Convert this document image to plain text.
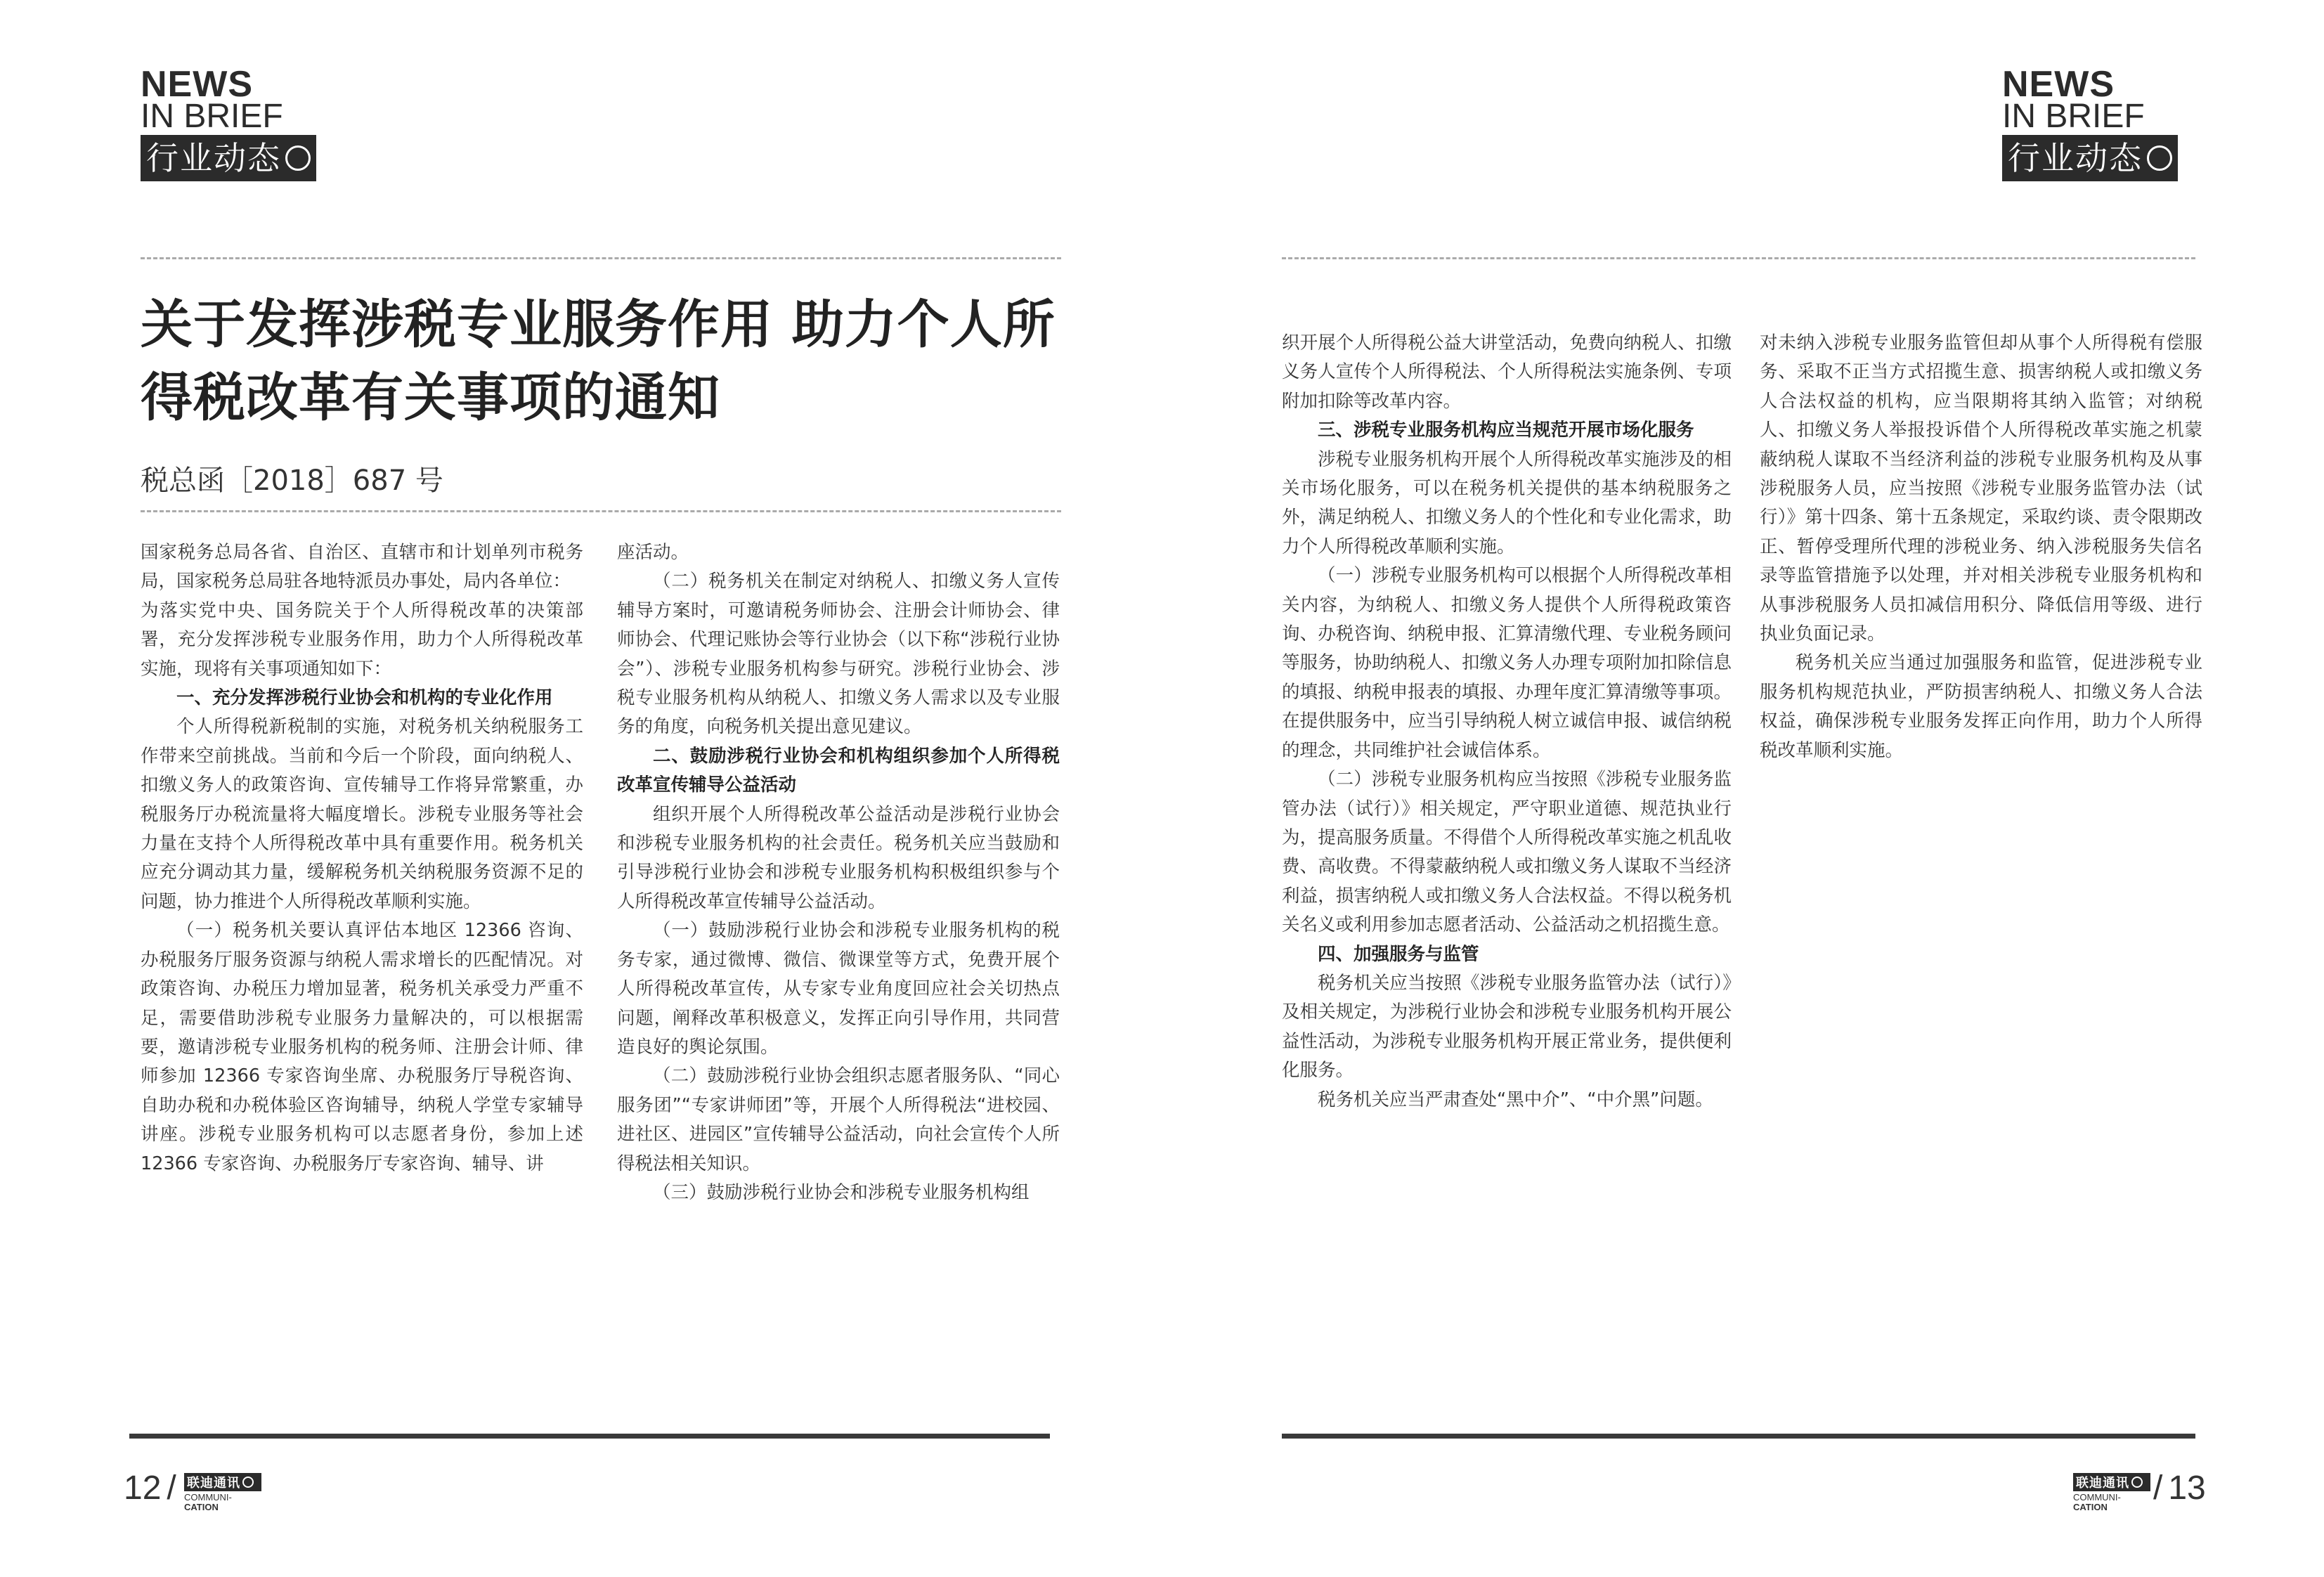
NEWS
IN BRIEF
行业动态
关于发挥涉税专业服务作用 助力个人所得税改革有关事项的通知
税总函［2018］687 号

国家税务总局各省、自治区、直辖市和计划单列市税务局，国家税务总局驻各地特派员办事处，局内各单位：

为落实党中央、国务院关于个人所得税改革的决策部署，充分发挥涉税专业服务作用，助力个人所得税改革实施，现将有关事项通知如下：

一、充分发挥涉税行业协会和机构的专业化作用

个人所得税新税制的实施，对税务机关纳税服务工作带来空前挑战。当前和今后一个阶段，面向纳税人、扣缴义务人的政策咨询、宣传辅导工作将异常繁重，办税服务厅办税流量将大幅度增长。涉税专业服务等社会力量在支持个人所得税改革中具有重要作用。税务机关应充分调动其力量，缓解税务机关纳税服务资源不足的问题，协力推进个人所得税改革顺利实施。

（一）税务机关要认真评估本地区 12366 咨询、办税服务厅服务资源与纳税人需求增长的匹配情况。对政策咨询、办税压力增加显著，税务机关承受力严重不足，需要借助涉税专业服务力量解决的，可以根据需要，邀请涉税专业服务机构的税务师、注册会计师、律师参加 12366 专家咨询坐席、办税服务厅导税咨询、自助办税和办税体验区咨询辅导，纳税人学堂专家辅导讲座。涉税专业服务机构可以志愿者身份，参加上述 12366 专家咨询、办税服务厅专家咨询、辅导、讲

座活动。

（二）税务机关在制定对纳税人、扣缴义务人宣传辅导方案时，可邀请税务师协会、注册会计师协会、律师协会、代理记账协会等行业协会（以下称“涉税行业协会”）、涉税专业服务机构参与研究。涉税行业协会、涉税专业服务机构从纳税人、扣缴义务人需求以及专业服务的角度，向税务机关提出意见建议。

二、鼓励涉税行业协会和机构组织参加个人所得税改革宣传辅导公益活动

组织开展个人所得税改革公益活动是涉税行业协会和涉税专业服务机构的社会责任。税务机关应当鼓励和引导涉税行业协会和涉税专业服务机构积极组织参与个人所得税改革宣传辅导公益活动。

（一）鼓励涉税行业协会和涉税专业服务机构的税务专家，通过微博、微信、微课堂等方式，免费开展个人所得税改革宣传，从专家专业角度回应社会关切热点问题，阐释改革积极意义，发挥正向引导作用，共同营造良好的舆论氛围。

（二）鼓励涉税行业协会组织志愿者服务队、“同心服务团”“专家讲师团”等，开展个人所得税法“进校园、进社区、进园区”宣传辅导公益活动，向社会宣传个人所得税法相关知识。

（三）鼓励涉税行业协会和涉税专业服务机构组

12 / 联迪通讯
COMMUNI-
CATION
NEWS
IN BRIEF
行业动态

织开展个人所得税公益大讲堂活动，免费向纳税人、扣缴义务人宣传个人所得税法、个人所得税法实施条例、专项附加扣除等改革内容。

三、涉税专业服务机构应当规范开展市场化服务

涉税专业服务机构开展个人所得税改革实施涉及的相关市场化服务，可以在税务机关提供的基本纳税服务之外，满足纳税人、扣缴义务人的个性化和专业化需求，助力个人所得税改革顺利实施。

（一）涉税专业服务机构可以根据个人所得税改革相关内容，为纳税人、扣缴义务人提供个人所得税政策咨询、办税咨询、纳税申报、汇算清缴代理、专业税务顾问等服务，协助纳税人、扣缴义务人办理专项附加扣除信息的填报、纳税申报表的填报、办理年度汇算清缴等事项。在提供服务中，应当引导纳税人树立诚信申报、诚信纳税的理念，共同维护社会诚信体系。

（二）涉税专业服务机构应当按照《涉税专业服务监管办法（试行）》相关规定，严守职业道德、规范执业行为，提高服务质量。不得借个人所得税改革实施之机乱收费、高收费。不得蒙蔽纳税人或扣缴义务人谋取不当经济利益，损害纳税人或扣缴义务人合法权益。不得以税务机关名义或利用参加志愿者活动、公益活动之机招揽生意。

四、加强服务与监管

税务机关应当按照《涉税专业服务监管办法（试行）》及相关规定，为涉税行业协会和涉税专业服务机构开展公益性活动，为涉税专业服务机构开展正常业务，提供便利化服务。

税务机关应当严肃查处“黑中介”、“中介黑”问题。

对未纳入涉税专业服务监管但却从事个人所得税有偿服务、采取不正当方式招揽生意、损害纳税人或扣缴义务人合法权益的机构，应当限期将其纳入监管；对纳税人、扣缴义务人举报投诉借个人所得税改革实施之机蒙蔽纳税人谋取不当经济利益的涉税专业服务机构及从事涉税服务人员，应当按照《涉税专业服务监管办法（试行）》第十四条、第十五条规定，采取约谈、责令限期改正、暂停受理所代理的涉税业务、纳入涉税服务失信名录等监管措施予以处理，并对相关涉税专业服务机构和从事涉税服务人员扣减信用积分、降低信用等级、进行执业负面记录。

税务机关应当通过加强服务和监管，促进涉税专业服务机构规范执业，严防损害纳税人、扣缴义务人合法权益，确保涉税专业服务发挥正向作用，助力个人所得税改革顺利实施。

联迪通讯
COMMUNI-
CATION
/ 13
